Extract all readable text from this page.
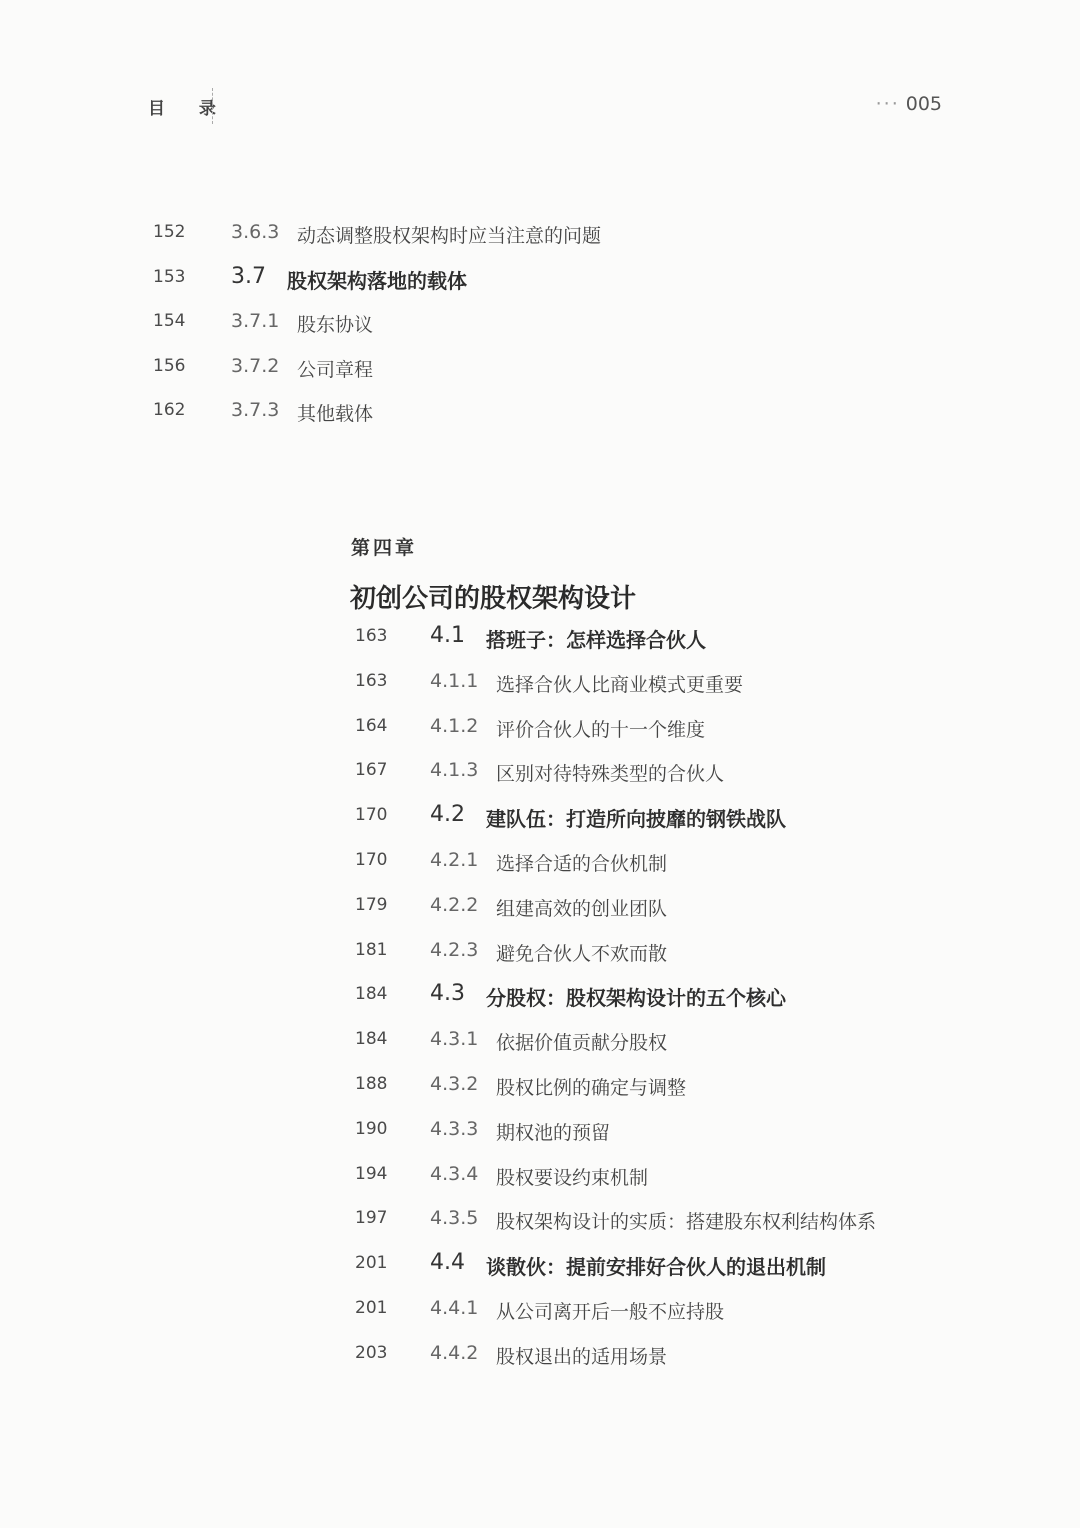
目 录	··· 005
152 3.6.3 动态调整股权架构时应当注意的问题
153 3.7 股权架构落地的载体
154 3.7.1 股东协议
156 3.7.2 公司章程
162 3.7.3 其他载体
第四章
初创公司的股权架构设计
163 4.1 搭班子：怎样选择合伙人
163 4.1.1 选择合伙人比商业模式更重要
164 4.1.2 评价合伙人的十一个维度
167 4.1.3 区别对待特殊类型的合伙人
170 4.2 建队伍：打造所向披靡的钢铁战队
170 4.2.1 选择合适的合伙机制
179 4.2.2 组建高效的创业团队
181 4.2.3 避免合伙人不欢而散
184 4.3 分股权：股权架构设计的五个核心
184 4.3.1 依据价值贡献分股权
188 4.3.2 股权比例的确定与调整
190 4.3.3 期权池的预留
194 4.3.4 股权要设约束机制
197 4.3.5 股权架构设计的实质：搭建股东权利结构体系
201 4.4 谈散伙：提前安排好合伙人的退出机制
201 4.4.1 从公司离开后一般不应持股
203 4.4.2 股权退出的适用场景
